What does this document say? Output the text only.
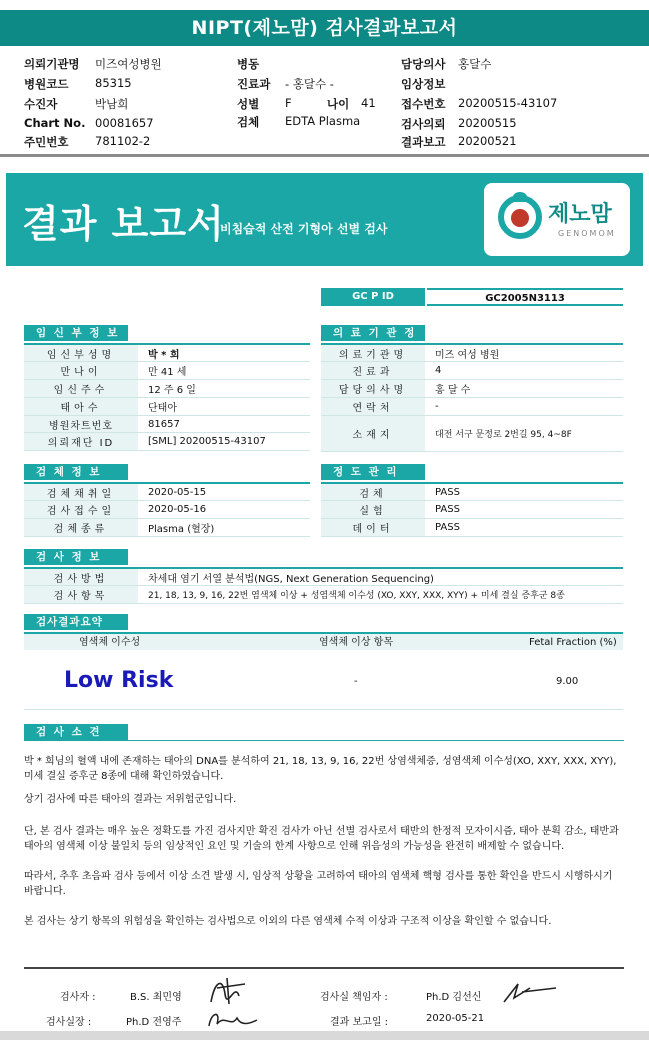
NIPT(제노맘) 검사결과보고서
의뢰기관명 미즈여성병원
병원코드 85315
수진자	박남희
Chart No. 00081657
주민번호 781102-2
병동
진료과 - 홍달수 -
성별 F	나이 41
검체 EDTA Plasma
담당의사 홍달수
임상정보
접수번호 20200515-43107
검사의뢰 20200515
결과보고 20200521
결과 보고서
비침습적 산전 기형아 선별 검사
제노맘
GENOMOM
GC P ID	GC2005N3113
임 신 부 정 보
임신부성명	박 * 희
만나이	만 41 세
임신주수	12 주 6 일
태아수	단태아
병원차트번호	81657
의뢰재단 ID	[SML] 20200515-43107
의 료 기 관 정
의료기관명	미즈 여성 병원
진료과	4
담당의사명	홍 달 수
연락처	-
소재지	대전 서구 문정로 2번길 95, 4~8F
검 체 정 보
검체채취일	2020-05-15
검사접수일	2020-05-16
검체종류	Plasma (혈장)
정 도 관 리
검체	PASS
실험	PASS
데이터	PASS
검 사 정 보
검사방법	차세대 염기 서열 분석법(NGS, Next Generation Sequencing)
검사항목	21, 18, 13, 9, 16, 22번 염색체 이상 + 성염색체 이수성 (XO, XXY, XXX, XYY) + 미세 결실 증후군 8종
검사결과요약
염색체 이수성	염색체 이상 항목	Fetal Fraction (%)
Low Risk	-	9.00
검 사 소 견

박 * 희님의 혈액 내에 존재하는 태아의 DNA를 분석하여 21, 18, 13, 9, 16, 22번 상염색체증, 성염색체 이수성(XO, XXY, XXX, XYY), 미세 결실 증후군 8종에 대해 확인하였습니다.

상기 검사에 따른 태아의 결과는 저위험군입니다.

단, 본 검사 결과는 매우 높은 정확도를 가진 검사지만 확진 검사가 아닌 선별 검사로서 태반의 한정적 모자이시즘, 태아 분획 감소, 태반과 태아의 염색체 이상 불일치 등의 임상적인 요인 및 기술의 한계 사항으로 인해 위음성의 가능성을 완전히 배제할 수 없습니다.

따라서, 추후 초음파 검사 등에서 이상 소견 발생 시, 임상적 상황을 고려하여 태아의 염색체 핵형 검사를 통한 확인을 반드시 시행하시기 바랍니다.

본 검사는 상기 항목의 위험성을 확인하는 검사법으로 이외의 다른 염색체 수적 이상과 구조적 이상을 확인할 수 없습니다.

검사자 :	B.S. 최민영	검사실 책임자 :	Ph.D 김선신
검사실장 :	Ph.D 전영주	결과 보고일 :	2020-05-21
